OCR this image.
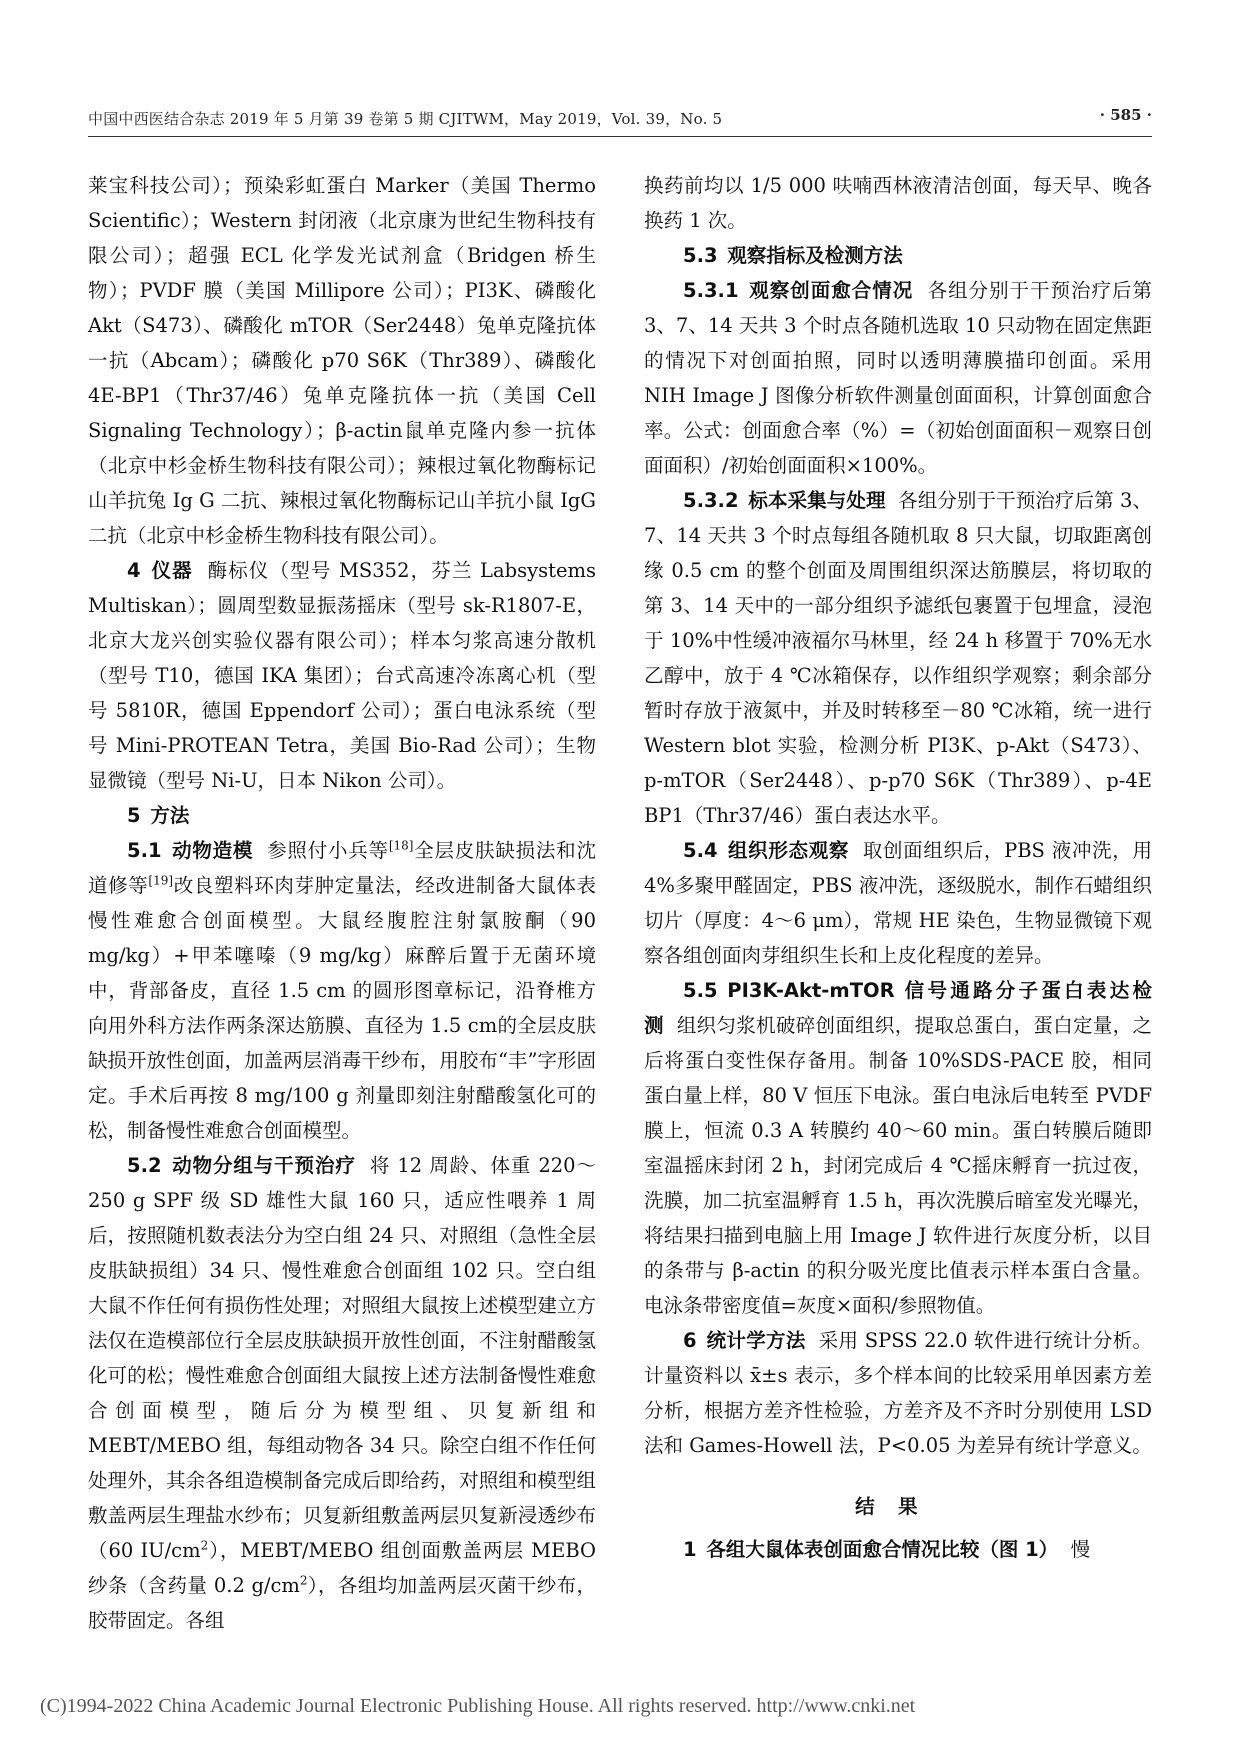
中国中西医结合杂志 2019 年 5 月第 39 卷第 5 期 CJITWM，May 2019，Vol. 39，No. 5	· 585 ·

莱宝科技公司）；预染彩虹蛋白 Marker（美国 Thermo Scientific）；Western 封闭液（北京康为世纪生物科技有限公司）；超强 ECL 化学发光试剂盒（Bridgen 桥生物）；PVDF 膜（美国 Millipore 公司）；PI3K、磷酸化 Akt（S473）、磷酸化 mTOR（Ser2448）兔单克隆抗体一抗（Abcam）；磷酸化 p70 S6K（Thr389）、磷酸化 4E-BP1（Thr37/46）兔单克隆抗体一抗（美国 Cell Signaling Technology）；β-actin鼠单克隆内参一抗体（北京中杉金桥生物科技有限公司）；辣根过氧化物酶标记山羊抗兔 Ig G 二抗、辣根过氧化物酶标记山羊抗小鼠 IgG 二抗（北京中杉金桥生物科技有限公司）。

4 仪器 酶标仪（型号 MS352，芬兰 Labsystems Multiskan）；圆周型数显振荡摇床（型号 sk-R1807-E，北京大龙兴创实验仪器有限公司）；样本匀浆高速分散机（型号 T10，德国 IKA 集团）；台式高速冷冻离心机（型号 5810R，德国 Eppendorf 公司）；蛋白电泳系统（型号 Mini-PROTEAN Tetra，美国 Bio-Rad 公司）；生物显微镜（型号 Ni-U，日本 Nikon 公司）。

5 方法

5.1 动物造模 参照付小兵等[18]全层皮肤缺损法和沈道修等[19]改良塑料环肉芽肿定量法，经改进制备大鼠体表慢性难愈合创面模型。大鼠经腹腔注射氯胺酮（90 mg/kg）+甲苯噻嗪（9 mg/kg）麻醉后置于无菌环境中，背部备皮，直径 1.5 cm 的圆形图章标记，沿脊椎方向用外科方法作两条深达筋膜、直径为 1.5 cm的全层皮肤缺损开放性创面，加盖两层消毒干纱布，用胶布“丰”字形固定。手术后再按 8 mg/100 g 剂量即刻注射醋酸氢化可的松，制备慢性难愈合创面模型。

5.2 动物分组与干预治疗 将 12 周龄、体重 220～250 g SPF 级 SD 雄性大鼠 160 只，适应性喂养 1 周后，按照随机数表法分为空白组 24 只、对照组（急性全层皮肤缺损组）34 只、慢性难愈合创面组 102 只。空白组大鼠不作任何有损伤性处理；对照组大鼠按上述模型建立方法仅在造模部位行全层皮肤缺损开放性创面，不注射醋酸氢化可的松；慢性难愈合创面组大鼠按上述方法制备慢性难愈合创面模型，随后分为模型组、贝复新组和 MEBT/MEBO 组，每组动物各 34 只。除空白组不作任何处理外，其余各组造模制备完成后即给药，对照组和模型组敷盖两层生理盐水纱布；贝复新组敷盖两层贝复新浸透纱布（60 $IU/cm^2$），MEBT/MEBO 组创面敷盖两层 MEBO纱条（含药量 0.2 $g/cm^2$），各组均加盖两层灭菌干纱布，胶带固定。各组

换药前均以 1/5 000 呋喃西林液清洁创面，每天早、晚各换药 1 次。

5.3 观察指标及检测方法

5.3.1 观察创面愈合情况 各组分别于干预治疗后第 3、7、14 天共 3 个时点各随机选取 10 只动物在固定焦距的情况下对创面拍照，同时以透明薄膜描印创面。采用 NIH Image J 图像分析软件测量创面面积，计算创面愈合率。公式：创面愈合率（%）=（初始创面面积－观察日创面面积）/初始创面面积×100%。

5.3.2 标本采集与处理 各组分别于干预治疗后第 3、7、14 天共 3 个时点每组各随机取 8 只大鼠，切取距离创缘 0.5 cm 的整个创面及周围组织深达筋膜层，将切取的第 3、14 天中的一部分组织予滤纸包裹置于包埋盒，浸泡于 10%中性缓冲液福尔马林里，经 24 h 移置于 70%无水乙醇中，放于 4 ℃冰箱保存，以作组织学观察；剩余部分暂时存放于液氮中，并及时转移至－80 ℃冰箱，统一进行 Western blot 实验，检测分析 PI3K、p-Akt（S473）、p-mTOR（Ser2448）、p-p70 S6K（Thr389）、p-4E BP1（Thr37/46）蛋白表达水平。

5.4 组织形态观察 取创面组织后，PBS 液冲洗，用 4%多聚甲醛固定，PBS 液冲洗，逐级脱水，制作石蜡组织切片（厚度：4～6 μm），常规 HE 染色，生物显微镜下观察各组创面肉芽组织生长和上皮化程度的差异。

5.5 PI3K-Akt-mTOR 信号通路分子蛋白表达检测 组织匀浆机破碎创面组织，提取总蛋白，蛋白定量，之后将蛋白变性保存备用。制备 10%SDS-PACE 胶，相同蛋白量上样，80 V 恒压下电泳。蛋白电泳后电转至 PVDF 膜上，恒流 0.3 A 转膜约 40～60 min。蛋白转膜后随即室温摇床封闭 2 h，封闭完成后 4 ℃摇床孵育一抗过夜，洗膜，加二抗室温孵育 1.5 h，再次洗膜后暗室发光曝光，将结果扫描到电脑上用 Image J 软件进行灰度分析，以目的条带与 β-actin 的积分吸光度比值表示样本蛋白含量。电泳条带密度值=灰度×面积/参照物值。

6 统计学方法 采用 SPSS 22.0 软件进行统计分析。计量资料以 x̄±s 表示，多个样本间的比较采用单因素方差分析，根据方差齐性检验，方差齐及不齐时分别使用 LSD 法和 Games-Howell 法，P<0.05 为差异有统计学意义。

结果

1 各组大鼠体表创面愈合情况比较（图 1） 慢

(C)1994-2022 China Academic Journal Electronic Publishing House. All rights reserved. http://www.cnki.net
